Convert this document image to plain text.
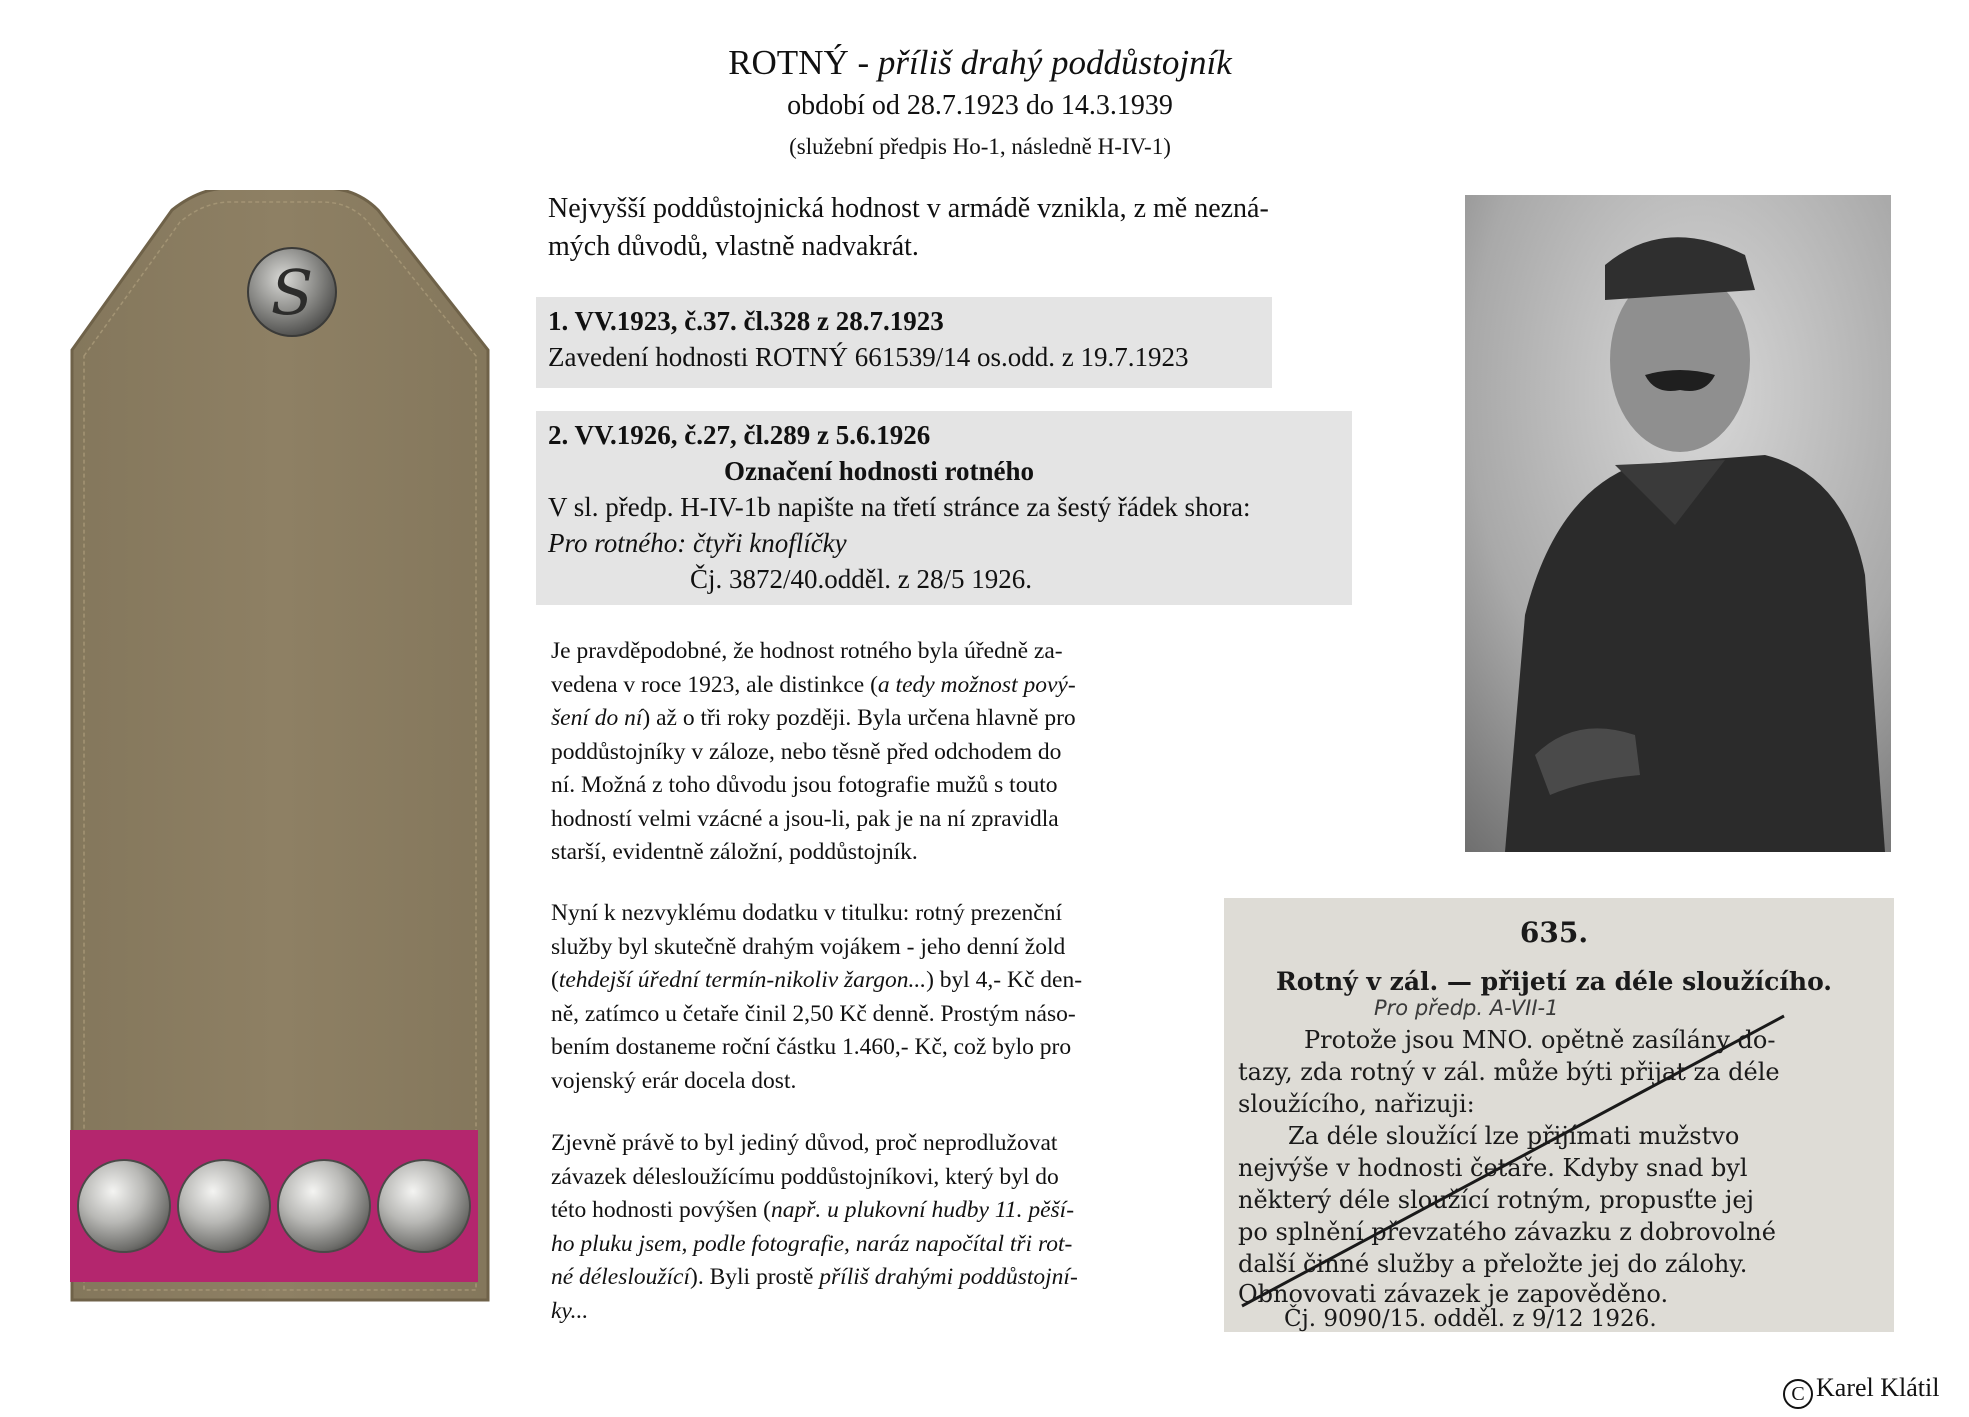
ROTNÝ - příliš drahý poddůstojník
období od 28.7.1923 do 14.3.1939
(služební předpis Ho-1, následně H-IV-1)
S
Nejvyšší poddůstojnická hodnost v armádě vznikla, z mě nezná-
mých důvodů, vlastně nadvakrát.
1. VV.1923, č.37. čl.328 z 28.7.1923
Zavedení hodnosti ROTNÝ 661539/14 os.odd. z 19.7.1923
2. VV.1926, č.27, čl.289 z 5.6.1926
Označení hodnosti rotného
V sl. předp. H-IV-1b napište na třetí stránce za šestý řádek shora:
Pro rotného: čtyři knoflíčky
Čj. 3872/40.odděl. z 28/5 1926.
Je pravděpodobné, že hodnost rotného byla úředně za-
vedena v roce 1923, ale distinkce (a tedy možnost pový-
šení do ní) až o tři roky později. Byla určena hlavně pro
poddůstojníky v záloze, nebo těsně před odchodem do
ní. Možná z toho důvodu jsou fotografie mužů s touto
hodností velmi vzácné a jsou-li, pak je na ní zpravidla
starší, evidentně záložní, poddůstojník.
Nyní k nezvyklému dodatku v titulku: rotný prezenční
služby byl skutečně drahým vojákem - jeho denní žold
(tehdejší úřední termín-nikoliv žargon...) byl 4,- Kč den-
ně, zatímco u četaře činil 2,50 Kč denně. Prostým náso-
bením dostaneme roční částku 1.460,- Kč, což bylo pro
vojenský erár docela dost.
Zjevně právě to byl jediný důvod, proč neprodlužovat
závazek délesloužícímu poddůstojníkovi, který byl do
této hodnosti povýšen (např. u plukovní hudby 11. pěší-
ho pluku jsem, podle fotografie, naráz napočítal tři rot-
né délesloužící). Byli prostě příliš drahými poddůstojní-
ky...
635.
Rotný v zál. — přijetí za déle sloužícího.
Pro předp. A-VII-1
Protože jsou MNO. opětně zasílány do-
tazy, zda rotný v zál. může býti přijat za déle
sloužícího, nařizuji:
Za déle sloužící lze přijímati mužstvo
nejvýše v hodnosti četaře. Kdyby snad byl
některý déle sloužící rotným, propusťte jej
po splnění převzatého závazku z dobrovolné
další činné služby a přeložte jej do zálohy.
Obnovovati závazek je zapověděno.
Čj. 9090/15. odděl. z 9/12 1926.
C Karel Klátil
